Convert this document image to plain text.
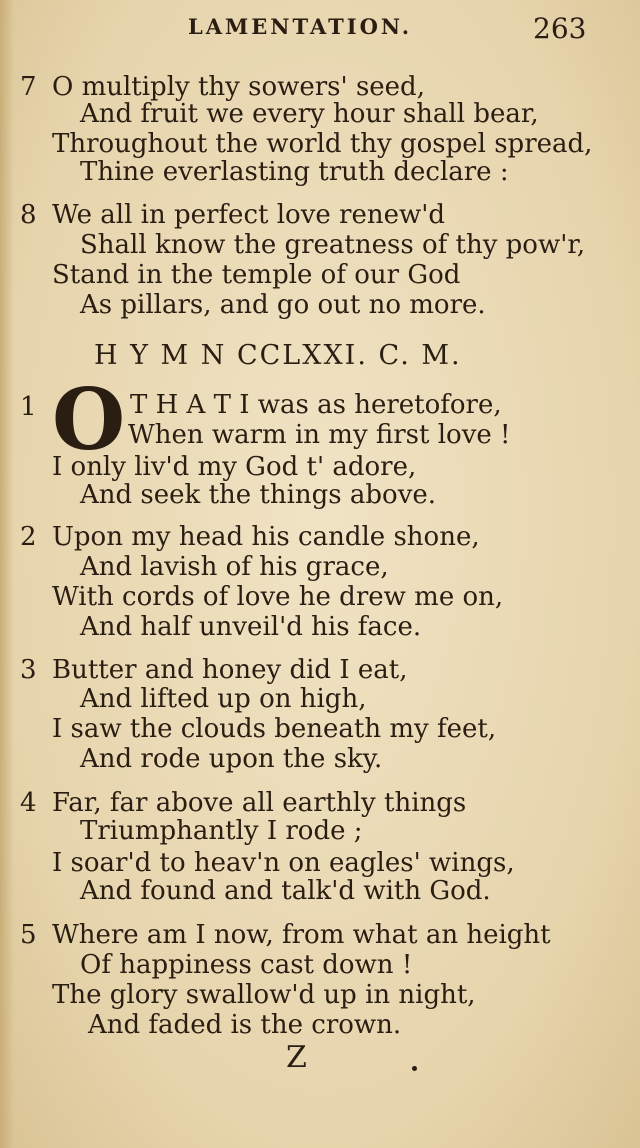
LAMENTATION.	263
7 O multiply thy sowers' seed,
And fruit we every hour shall bear,
Throughout the world thy gospel spread,
Thine everlasting truth declare :
8 We all in perfect love renew'd
Shall know the greatness of thy pow'r,
Stand in the temple of our God
As pillars, and go out no more.
H Y M N CCLXXI. C. M.
1 O T H A T I was as heretofore,
When warm in my first love !
I only liv'd my God t' adore,
And seek the things above.
2 Upon my head his candle shone,
And lavish of his grace,
With cords of love he drew me on,
And half unveil'd his face.
3 Butter and honey did I eat,
And lifted up on high,
I saw the clouds beneath my feet,
And rode upon the sky.
4 Far, far above all earthly things
Triumphantly I rode ;
I soar'd to heav'n on eagles' wings,
And found and talk'd with God.
5 Where am I now, from what an height
Of happiness cast down !
The glory swallow'd up in night,
And faded is the crown.
Z
